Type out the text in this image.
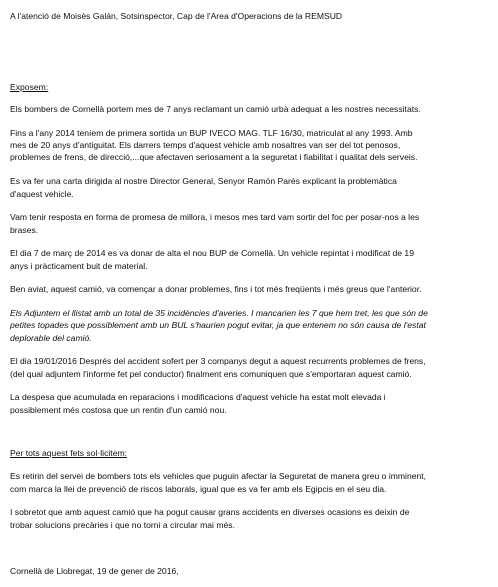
A l'atenció de Moisès Galán, Sotsinspector, Cap de l'Area d'Operacions de la REMSUD
Exposem:
Els bombers de Cornellà portem mes de 7 anys reclamant un camió urbà adequat a les nostres necessitats.
Fins a l'any 2014 teníem de primera sortida un BUP IVECO MAG. TLF 16/30, matriculat al any 1993. Amb
mes de 20 anys d'antiguitat. Els darrers temps d'aquest vehicle amb nosaltres van ser del tot penosos,
problemes de frens, de direcció,...que afectaven seriosament a la seguretat i fiabilitat i qualitat dels serveis.
Es va fer una carta dirigida al nostre Director General, Senyor Ramón Parés explicant la problemàtica
d'aquest vehicle.
Vam tenir resposta en forma de promesa de millora, i mesos mes tard vam sortir del foc per posar-nos a les
brases.
El dia 7 de març de 2014 es va donar de alta el nou BUP de Cornellà. Un vehicle repintat i modificat de 19
anys i pràcticament buit de material.
Ben aviat, aquest camió, va començar a donar problemes, fins i tot més freqüents i més greus que l'anterior.
Els Adjuntem el llistat amb un total de 35 incidències d'averies. I mancarien les 7 que hem tret, les que són de
petites topades que possiblement amb un BUL s'haurien pogut evitar, ja que entenem no són causa de l'estat
deplorable del camió.
El dia 19/01/2016 Després del accident sofert per 3 companys degut a aquest recurrents problemes de frens,
(del qual adjuntem l'informe fet pel conductor) finalment ens comuniquen que s'emportaran aquest camió.
La despesa que acumulada en reparacions i modificacions d'aquest vehicle ha estat molt elevada i
possiblement més costosa que un rentin d'un camió nou.
Per tots aquest fets sol·licitem:
Es retirin del servei de bombers tots els vehicles que puguin afectar la Seguretat de manera greu o imminent,
com marca la llei de prevenció de riscos laborals, igual que es va fer amb els Egipcis en el seu dia.
I sobretot que amb aquest camió que ha pogut causar grans accidents en diverses ocasions es deixin de
trobar solucions precàries i que no torni a circular mai més.
Cornellà de Llobregat, 19 de gener de 2016,
